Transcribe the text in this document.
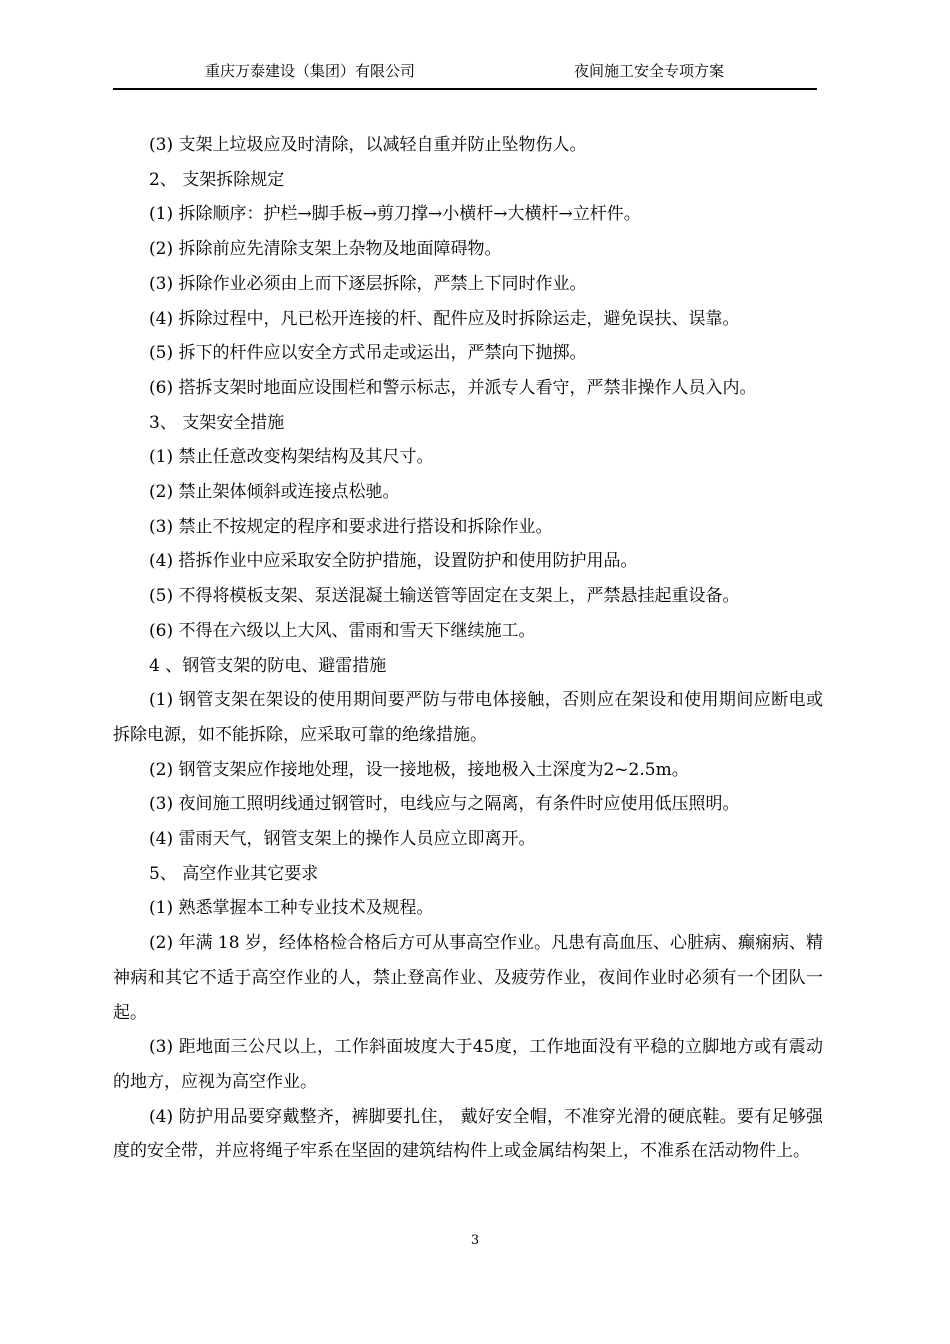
重庆万泰建设（集团）有限公司	夜间施工安全专项方案

(3) 支架上垃圾应及时清除，以减轻自重并防止坠物伤人。

2、 支架拆除规定

(1) 拆除顺序：护栏→脚手板→剪刀撑→小横杆→大横杆→立杆件。

(2) 拆除前应先清除支架上杂物及地面障碍物。

(3) 拆除作业必须由上而下逐层拆除，严禁上下同时作业。

(4) 拆除过程中，凡已松开连接的杆、配件应及时拆除运走，避免误扶、误靠。

(5) 拆下的杆件应以安全方式吊走或运出，严禁向下抛掷。

(6) 搭拆支架时地面应设围栏和警示标志，并派专人看守，严禁非操作人员入内。

3、 支架安全措施

(1) 禁止任意改变构架结构及其尺寸。

(2) 禁止架体倾斜或连接点松驰。

(3) 禁止不按规定的程序和要求进行搭设和拆除作业。

(4) 搭拆作业中应采取安全防护措施，设置防护和使用防护用品。

(5) 不得将模板支架、泵送混凝土输送管等固定在支架上，严禁悬挂起重设备。

(6) 不得在六级以上大风、雷雨和雪天下继续施工。

4 、钢管支架的防电、避雷措施

(1) 钢管支架在架设的使用期间要严防与带电体接触，否则应在架设和使用期间应断电或拆除电源，如不能拆除，应采取可靠的绝缘措施。

(2) 钢管支架应作接地处理，设一接地极，接地极入土深度为2~2.5m。

(3) 夜间施工照明线通过钢管时，电线应与之隔离，有条件时应使用低压照明。

(4) 雷雨天气，钢管支架上的操作人员应立即离开。

5、 高空作业其它要求

(1) 熟悉掌握本工种专业技术及规程。

(2) 年满 18 岁，经体格检合格后方可从事高空作业。凡患有高血压、心脏病、癫痫病、精神病和其它不适于高空作业的人，禁止登高作业、及疲劳作业，夜间作业时必须有一个团队一起。

(3) 距地面三公尺以上，工作斜面坡度大于45度，工作地面没有平稳的立脚地方或有震动的地方，应视为高空作业。

(4) 防护用品要穿戴整齐，裤脚要扎住， 戴好安全帽，不准穿光滑的硬底鞋。要有足够强度的安全带，并应将绳子牢系在坚固的建筑结构件上或金属结构架上，不准系在活动物件上。

3
